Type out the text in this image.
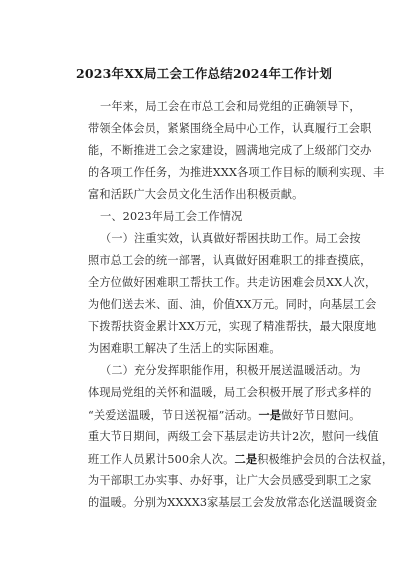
2023年XX局工会工作总结2024年工作计划
一年来，局工会在市总工会和局党组的正确领导下，
带领全体会员，紧紧围绕全局中心工作，认真履行工会职
能，不断推进工会之家建设，圆满地完成了上级部门交办
的各项工作任务，为推进XXX各项工作目标的顺利实现、丰
富和活跃广大会员文化生活作出积极贡献。
一、2023年局工会工作情况
（一）注重实效，认真做好帮困扶助工作。局工会按
照市总工会的统一部署，认真做好困难职工的排查摸底，
全方位做好困难职工帮扶工作。共走访困难会员XX人次，
为他们送去米、面、油，价值XX万元。同时，向基层工会
下拨帮扶资金累计XX万元，实现了精准帮扶，最大限度地
为困难职工解决了生活上的实际困难。
（二）充分发挥职能作用，积极开展送温暖活动。为
体现局党组的关怀和温暖，局工会积极开展了形式多样的
“关爱送温暖，节日送祝福”活动。一是做好节日慰问。
重大节日期间，两级工会下基层走访共计2次，慰问一线值
班工作人员累计500余人次。二是积极维护会员的合法权益，
为干部职工办实事、办好事，让广大会员感受到职工之家
的温暖。分别为XXXX3家基层工会发放常态化送温暖资金
